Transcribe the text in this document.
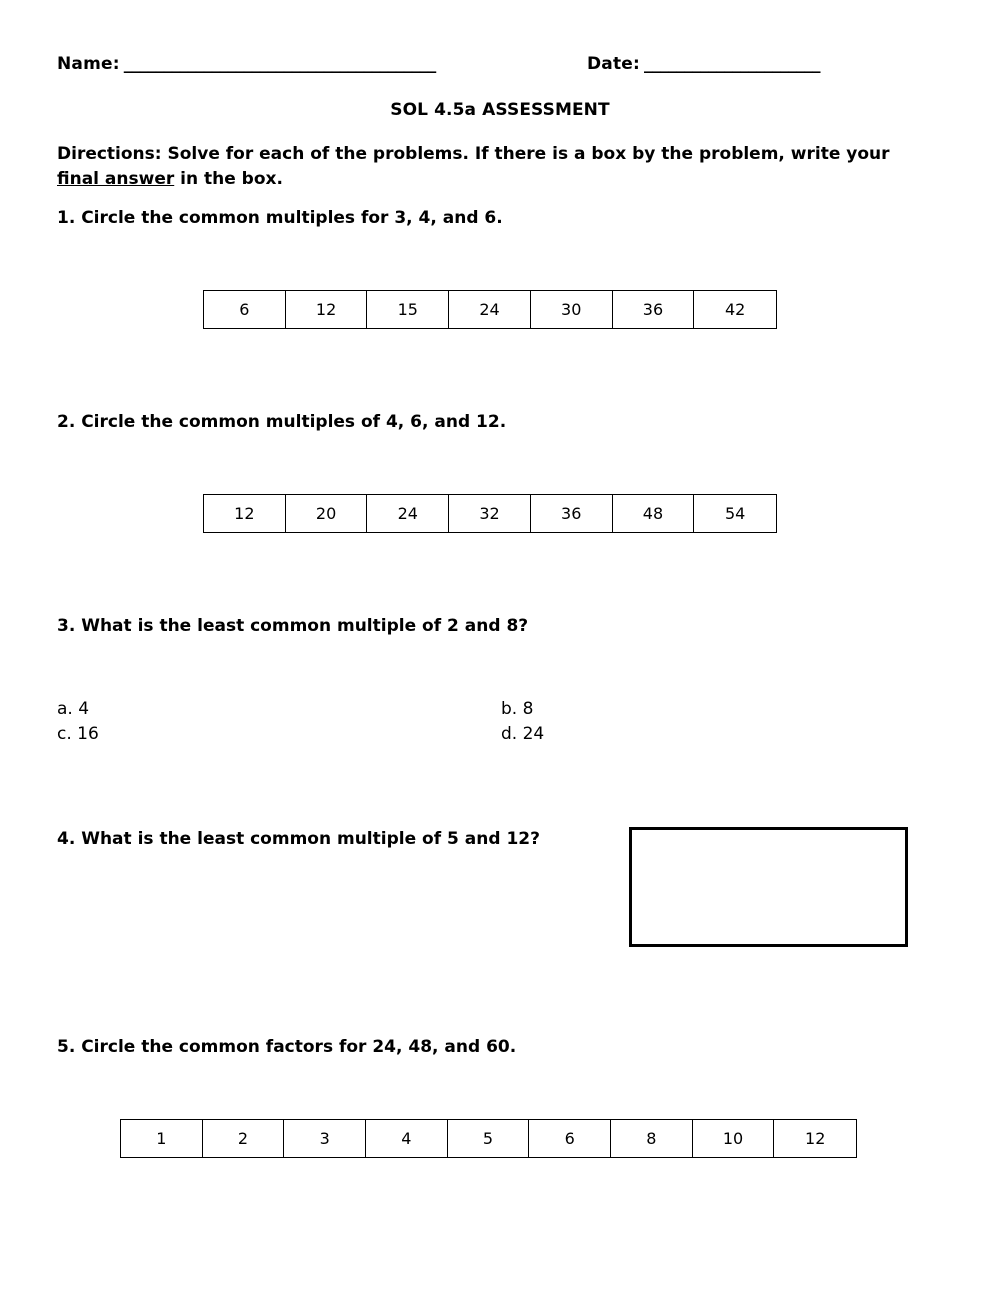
Name: _______________________________________	Date: ______________________
SOL 4.5a ASSESSMENT
Directions: Solve for each of the problems. If there is a box by the problem, write your final answer in the box.
1. Circle the common multiples for 3, 4, and 6.
6	12	15	24	30	36	42
2. Circle the common multiples of 4, 6, and 12.
12	20	24	32	36	48	54
3. What is the least common multiple of 2 and 8?
a. 4	b. 8
c. 16	d. 24
4. What is the least common multiple of 5 and 12?
5. Circle the common factors for 24, 48, and 60.
1	2	3	4	5	6	8	10	12
